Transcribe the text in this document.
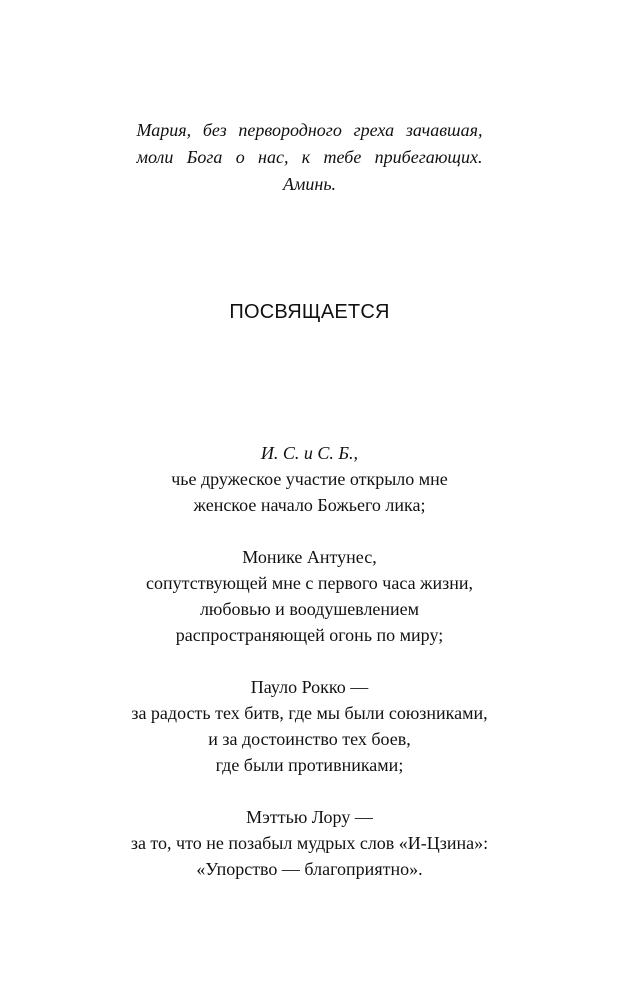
Мария, без первородного греха зачавшая,
моли Бога о нас, к тебе прибегающих.
Аминь.
ПОСВЯЩАЕТСЯ
И. С. и С. Б.,
чье дружеское участие открыло мне
женское начало Божьего лика;
Монике Антунес,
сопутствующей мне с первого часа жизни,
любовью и воодушевлением
распространяющей огонь по миру;
Пауло Рокко —
за радость тех битв, где мы были союзниками,
и за достоинство тех боев,
где были противниками;
Мэттью Лору —
за то, что не позабыл мудрых слов «И-Цзина»:
«Упорство — благоприятно».
